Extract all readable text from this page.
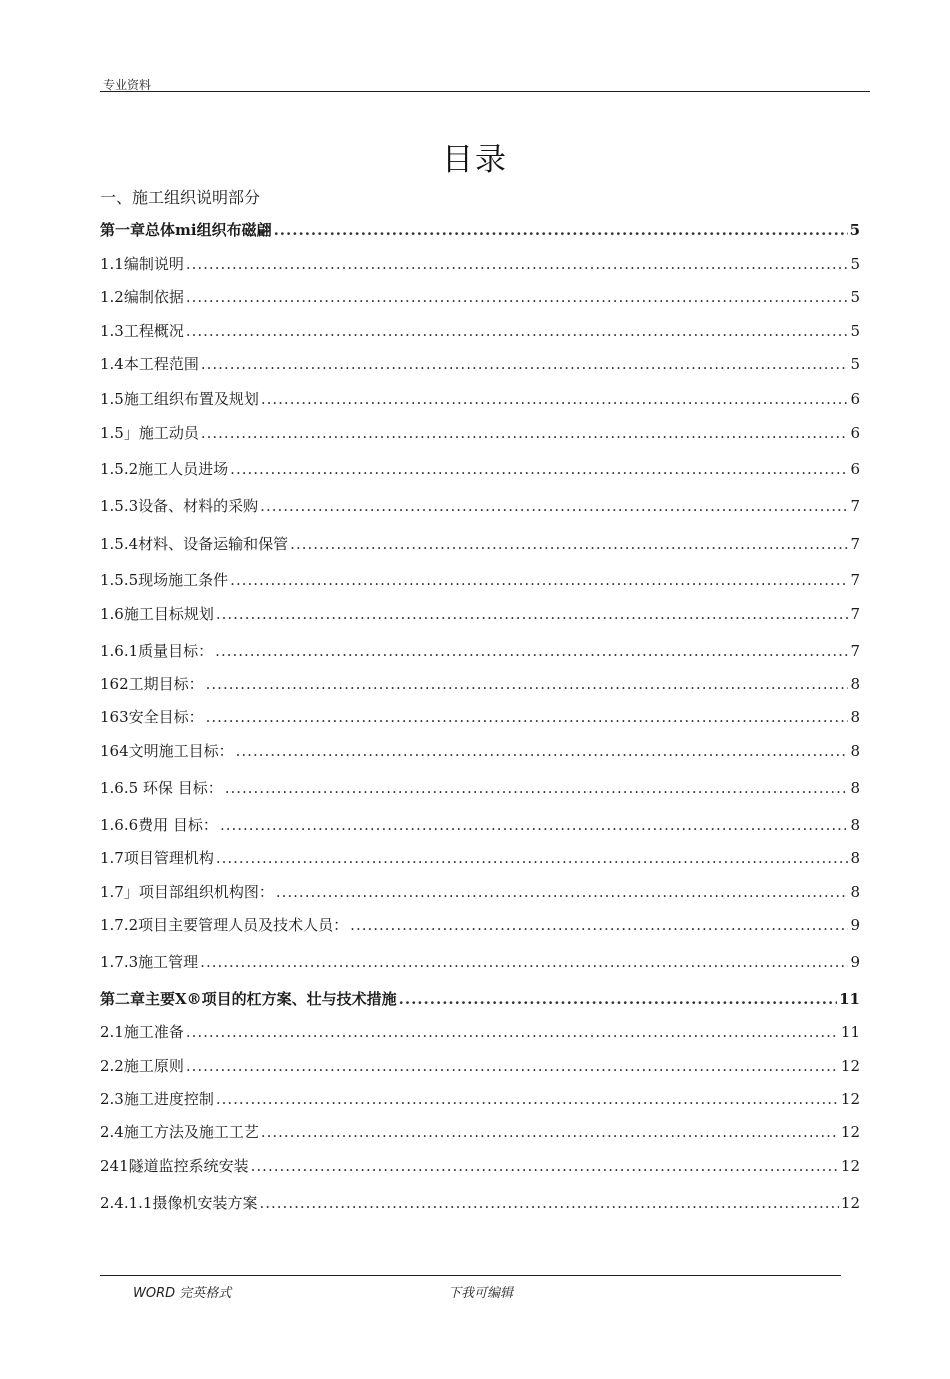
专业资料
目录
一、施工组织说明部分
第一章总体mi组织布磁翩 .....	5
1.1编制说明 .....	5
1.2编制依据 .....	5
1.3工程概况 .....	5
1.4本工程范围 .....	5
1.5施工组织布置及规划 .....	6
1.5」施工动员 .....	6
1.5.2施工人员进场 .....	6
1.5.3设备、材料的采购 .....	7
1.5.4材料、设备运输和保管 .....	7
1.5.5现场施工条件 .....	7
1.6施工目标规划 .....	7
1.6.1质量目标： .....	7
162工期目标： .....	8
163安全目标： .....	8
164文明施工目标： .....	8
1.6.5 环保 目标： .....	8
1.6.6费用 目标： .....	8
1.7项目管理机构 .....	8
1.7」项目部组织机构图： .....	8
1.7.2项目主要管理人员及技术人员： .....	9
1.7.3施工管理 .....	9
第二章主要X®项目的杠方案、壮与技术措施 .....	11
2.1施工准备 .....	11
2.2施工原则 .....	12
2.3施工进度控制 .....	12
2.4施工方法及施工工艺 .....	12
241隧道监控系统安装 .....	12
2.4.1.1摄像机安装方案 .....	12
WORD 完英格式	下我可编辑
